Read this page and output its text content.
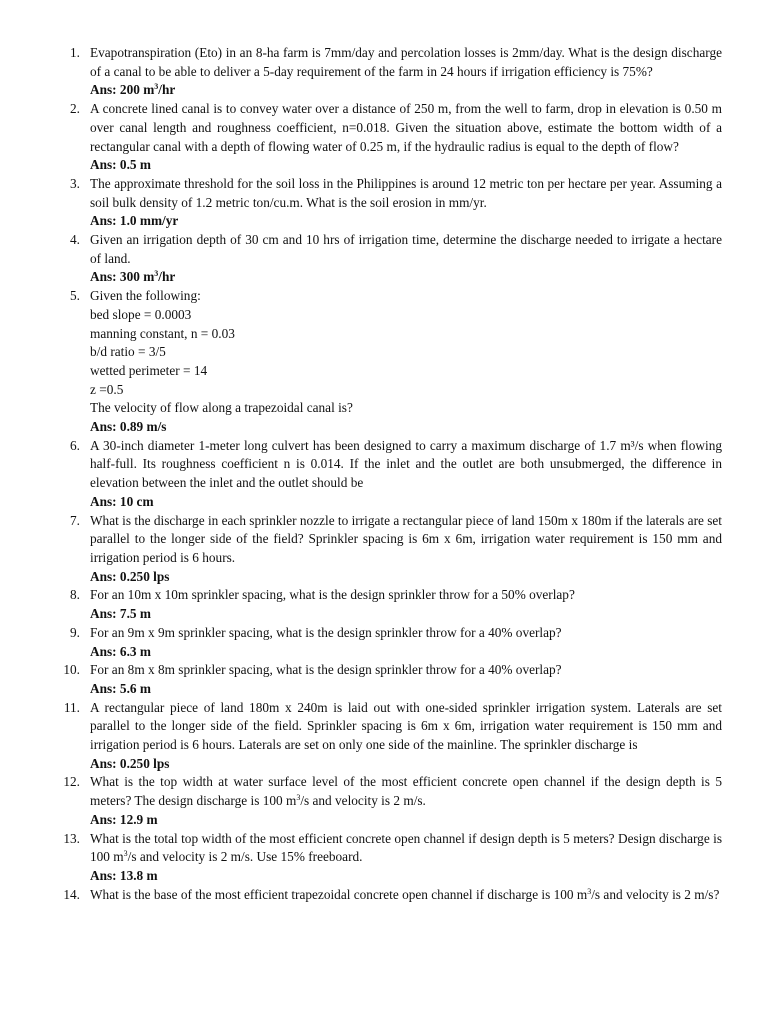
1. Evapotranspiration (Eto) in an 8-ha farm is 7mm/day and percolation losses is 2mm/day. What is the design discharge of a canal to be able to deliver a 5-day requirement of the farm in 24 hours if irrigation efficiency is 75%?
Ans: 200 $m^3/hr$
2. A concrete lined canal is to convey water over a distance of 250 m, from the well to farm, drop in elevation is 0.50 m over canal length and roughness coefficient, n=0.018. Given the situation above, estimate the bottom width of a rectangular canal with a depth of flowing water of 0.25 m, if the hydraulic radius is equal to the depth of flow?
Ans: 0.5 m
3. The approximate threshold for the soil loss in the Philippines is around 12 metric ton per hectare per year. Assuming a soil bulk density of 1.2 metric ton/cu.m. What is the soil erosion in mm/yr.
Ans: 1.0 mm/yr
4. Given an irrigation depth of 30 cm and 10 hrs of irrigation time, determine the discharge needed to irrigate a hectare of land.
Ans: 300 $m^3/hr$
5. Given the following:
bed slope = 0.0003
manning constant, n = 0.03
b/d ratio = 3/5
wetted perimeter = 14
z =0.5
The velocity of flow along a trapezoidal canal is?
Ans: 0.89 m/s
6. A 30-inch diameter 1-meter long culvert has been designed to carry a maximum discharge of 1.7 m³/s when flowing half-full. Its roughness coefficient n is 0.014. If the inlet and the outlet are both unsubmerged, the difference in elevation between the inlet and the outlet should be
Ans: 10 cm
7. What is the discharge in each sprinkler nozzle to irrigate a rectangular piece of land 150m x 180m if the laterals are set parallel to the longer side of the field? Sprinkler spacing is 6m x 6m, irrigation water requirement is 150 mm and irrigation period is 6 hours.
Ans: 0.250 lps
8. For an 10m x 10m sprinkler spacing, what is the design sprinkler throw for a 50% overlap?
Ans: 7.5 m
9. For an 9m x 9m sprinkler spacing, what is the design sprinkler throw for a 40% overlap?
Ans: 6.3 m
10. For an 8m x 8m sprinkler spacing, what is the design sprinkler throw for a 40% overlap?
Ans: 5.6 m
11. A rectangular piece of land 180m x 240m is laid out with one-sided sprinkler irrigation system. Laterals are set parallel to the longer side of the field. Sprinkler spacing is 6m x 6m, irrigation water requirement is 150 mm and irrigation period is 6 hours. Laterals are set on only one side of the mainline. The sprinkler discharge is
Ans: 0.250 lps
12. What is the top width at water surface level of the most efficient concrete open channel if the design depth is 5 meters? The design discharge is 100 $m^3/s$ and velocity is 2 m/s.
Ans: 12.9 m
13. What is the total top width of the most efficient concrete open channel if design depth is 5 meters? Design discharge is 100 $m^3/s$ and velocity is 2 m/s. Use 15% freeboard.
Ans: 13.8 m
14. What is the base of the most efficient trapezoidal concrete open channel if discharge is 100 $m^3/s$ and velocity is 2 m/s?
